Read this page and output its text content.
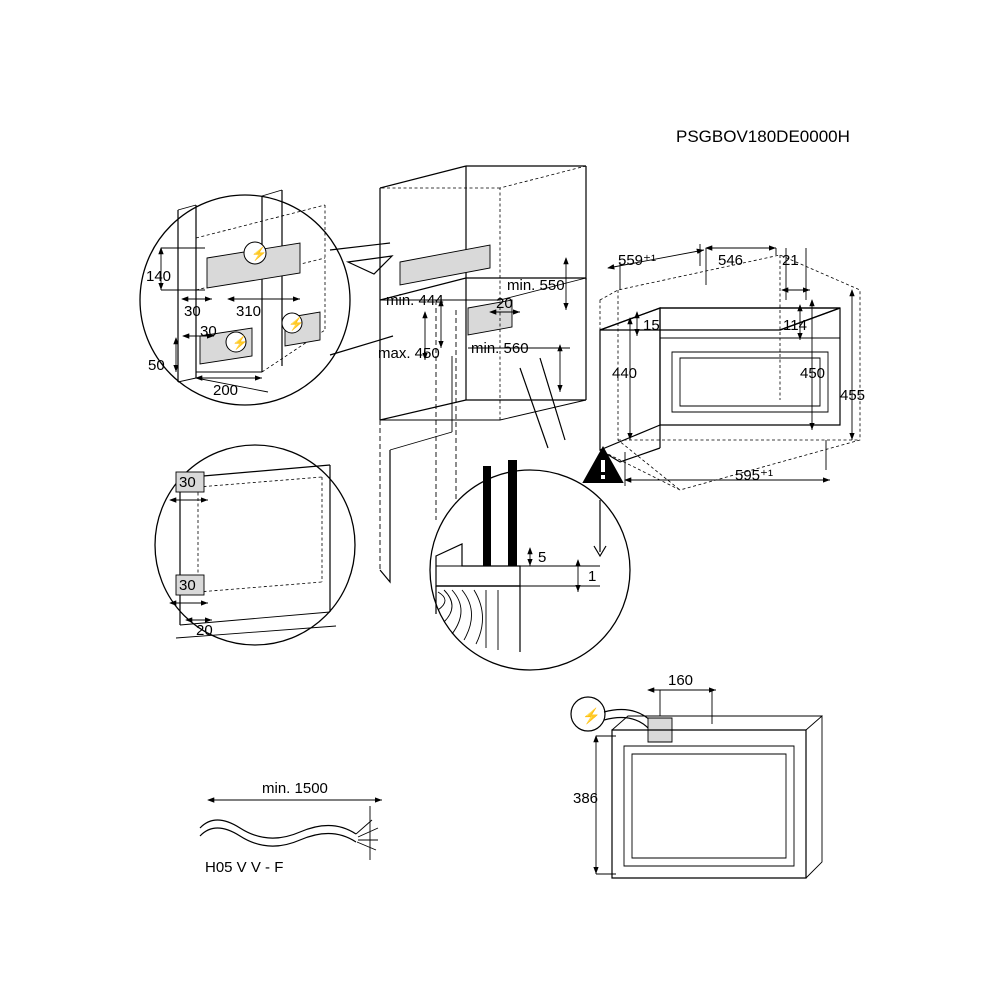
PSGBOV180DE0000H
⚡
⚡
⚡
140
30 310
30
50
200
min. 444
max. 450
min. 550
20
min. 560
559⁺¹	546	21
15	114
440	450
455
595⁺¹
30
30
20
5
1
min. 1500
H05 V V - F
⚡
160
386
